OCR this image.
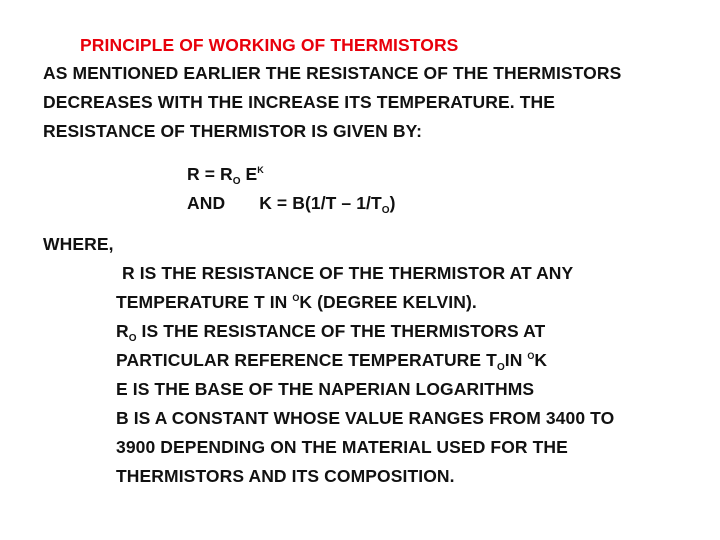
PRINCIPLE OF WORKING OF THERMISTORS
AS MENTIONED EARLIER THE RESISTANCE OF THE THERMISTORS
DECREASES WITH THE INCREASE ITS TEMPERATURE. THE
RESISTANCE OF THERMISTOR IS GIVEN BY:
$R = R_O$ $E^K$
AND $K = B(1/T - 1/T_O)$
WHERE,
R IS THE RESISTANCE OF THE THERMISTOR AT ANY
TEMPERATURE T IN $^O$K (DEGREE KELVIN).
$R_O$ IS THE RESISTANCE OF THE THERMISTORS AT
PARTICULAR REFERENCE TEMPERATURE $T_OIN$ $^O$K
E IS THE BASE OF THE NAPERIAN LOGARITHMS
B IS A CONSTANT WHOSE VALUE RANGES FROM 3400 TO
3900 DEPENDING ON THE MATERIAL USED FOR THE
THERMISTORS AND ITS COMPOSITION.
